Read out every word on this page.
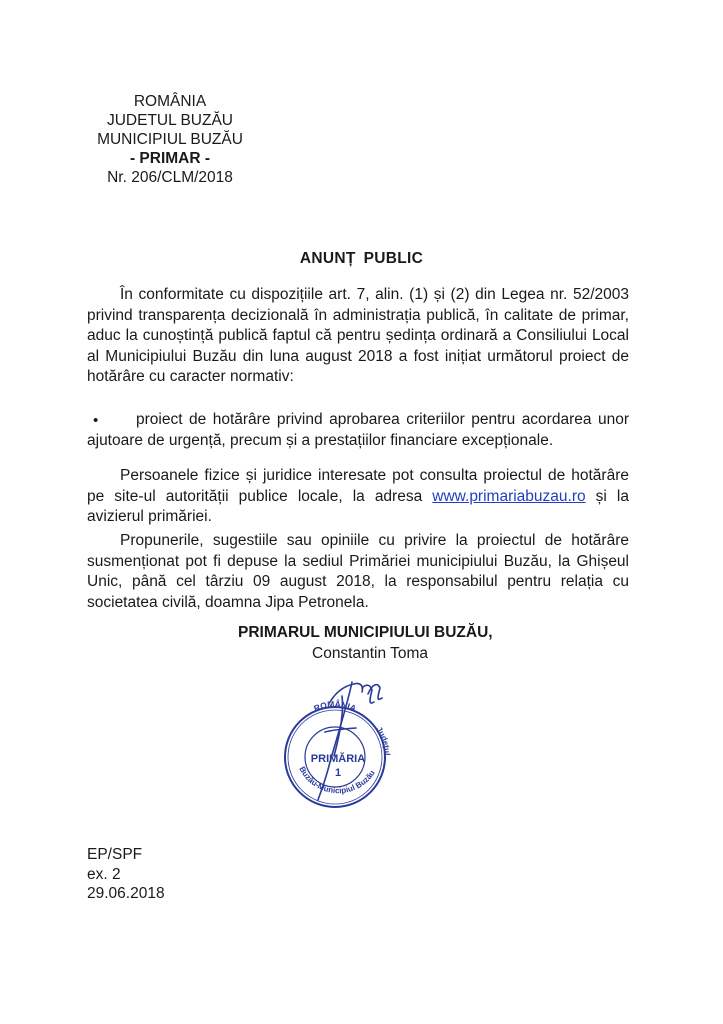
ROMÂNIA
JUDETUL BUZĂU
MUNICIPIUL BUZĂU
- PRIMAR -
Nr. 206/CLM/2018
ANUNȚ PUBLIC

În conformitate cu dispozițiile art. 7, alin. (1) și (2) din Legea nr. 52/2003 privind transparența decizională în administrația publică, în calitate de primar, aduc la cunoștință publică faptul că pentru ședința ordinară a Consiliului Local al Municipiului Buzău din luna august 2018 a fost inițiat următorul proiect de hotărâre cu caracter normativ:

•	proiect de hotărâre privind aprobarea criteriilor pentru acordarea unor ajutoare de urgență, precum și a prestațiilor financiare excepționale.

Persoanele fizice și juridice interesate pot consulta proiectul de hotărâre pe site-ul autorității publice locale, la adresa www.primariabuzau.ro și la avizierul primăriei.

Propunerile, sugestiile sau opiniile cu privire la proiectul de hotărâre susmenționat pot fi depuse la sediul Primăriei municipiului Buzău, la Ghișeul Unic, până cel târziu 09 august 2018, la responsabilul pentru relația cu societatea civilă, doamna Jipa Petronela.

PRIMARUL MUNICIPIULUI BUZĂU,
Constantin Toma
ROMÂNIA
Județul
Buzău-Municipiul Buzău
PRIMĂRIA
1
EP/SPF
ex. 2
29.06.2018
